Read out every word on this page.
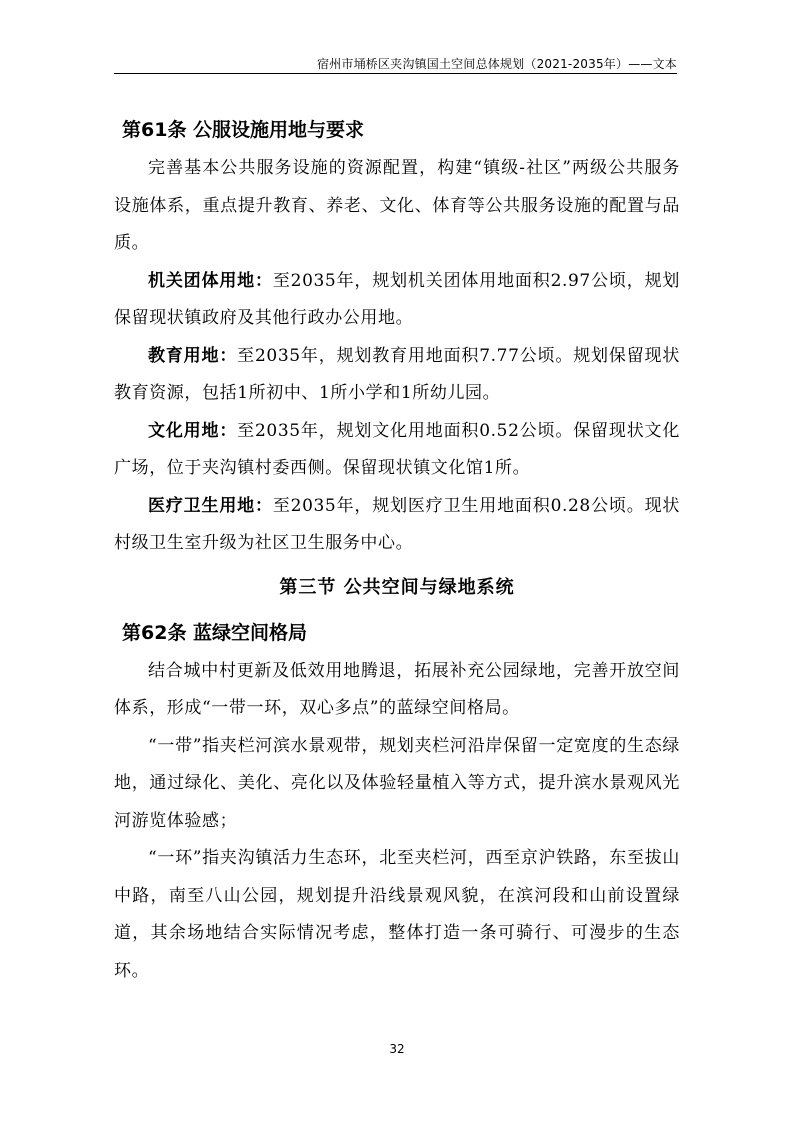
宿州市埇桥区夹沟镇国土空间总体规划（2021-2035年）——文本
第61条 公服设施用地与要求

完善基本公共服务设施的资源配置，构建“镇级-社区”两级公共服务设施体系，重点提升教育、养老、文化、体育等公共服务设施的配置与品质。

机关团体用地：至2035年，规划机关团体用地面积2.97公顷，规划保留现状镇政府及其他行政办公用地。

教育用地：至2035年，规划教育用地面积7.77公顷。规划保留现状教育资源，包括1所初中、1所小学和1所幼儿园。

文化用地：至2035年，规划文化用地面积0.52公顷。保留现状文化广场，位于夹沟镇村委西侧。保留现状镇文化馆1所。

医疗卫生用地：至2035年，规划医疗卫生用地面积0.28公顷。现状村级卫生室升级为社区卫生服务中心。

第三节 公共空间与绿地系统
第62条 蓝绿空间格局

结合城中村更新及低效用地腾退，拓展补充公园绿地，完善开放空间体系，形成“一带一环，双心多点”的蓝绿空间格局。

“一带”指夹栏河滨水景观带，规划夹栏河沿岸保留一定宽度的生态绿地，通过绿化、美化、亮化以及体验轻量植入等方式，提升滨水景观风光河游览体验感；

“一环”指夹沟镇活力生态环，北至夹栏河，西至京沪铁路，东至拔山中路，南至八山公园，规划提升沿线景观风貌，在滨河段和山前设置绿道，其余场地结合实际情况考虑，整体打造一条可骑行、可漫步的生态环。

32
